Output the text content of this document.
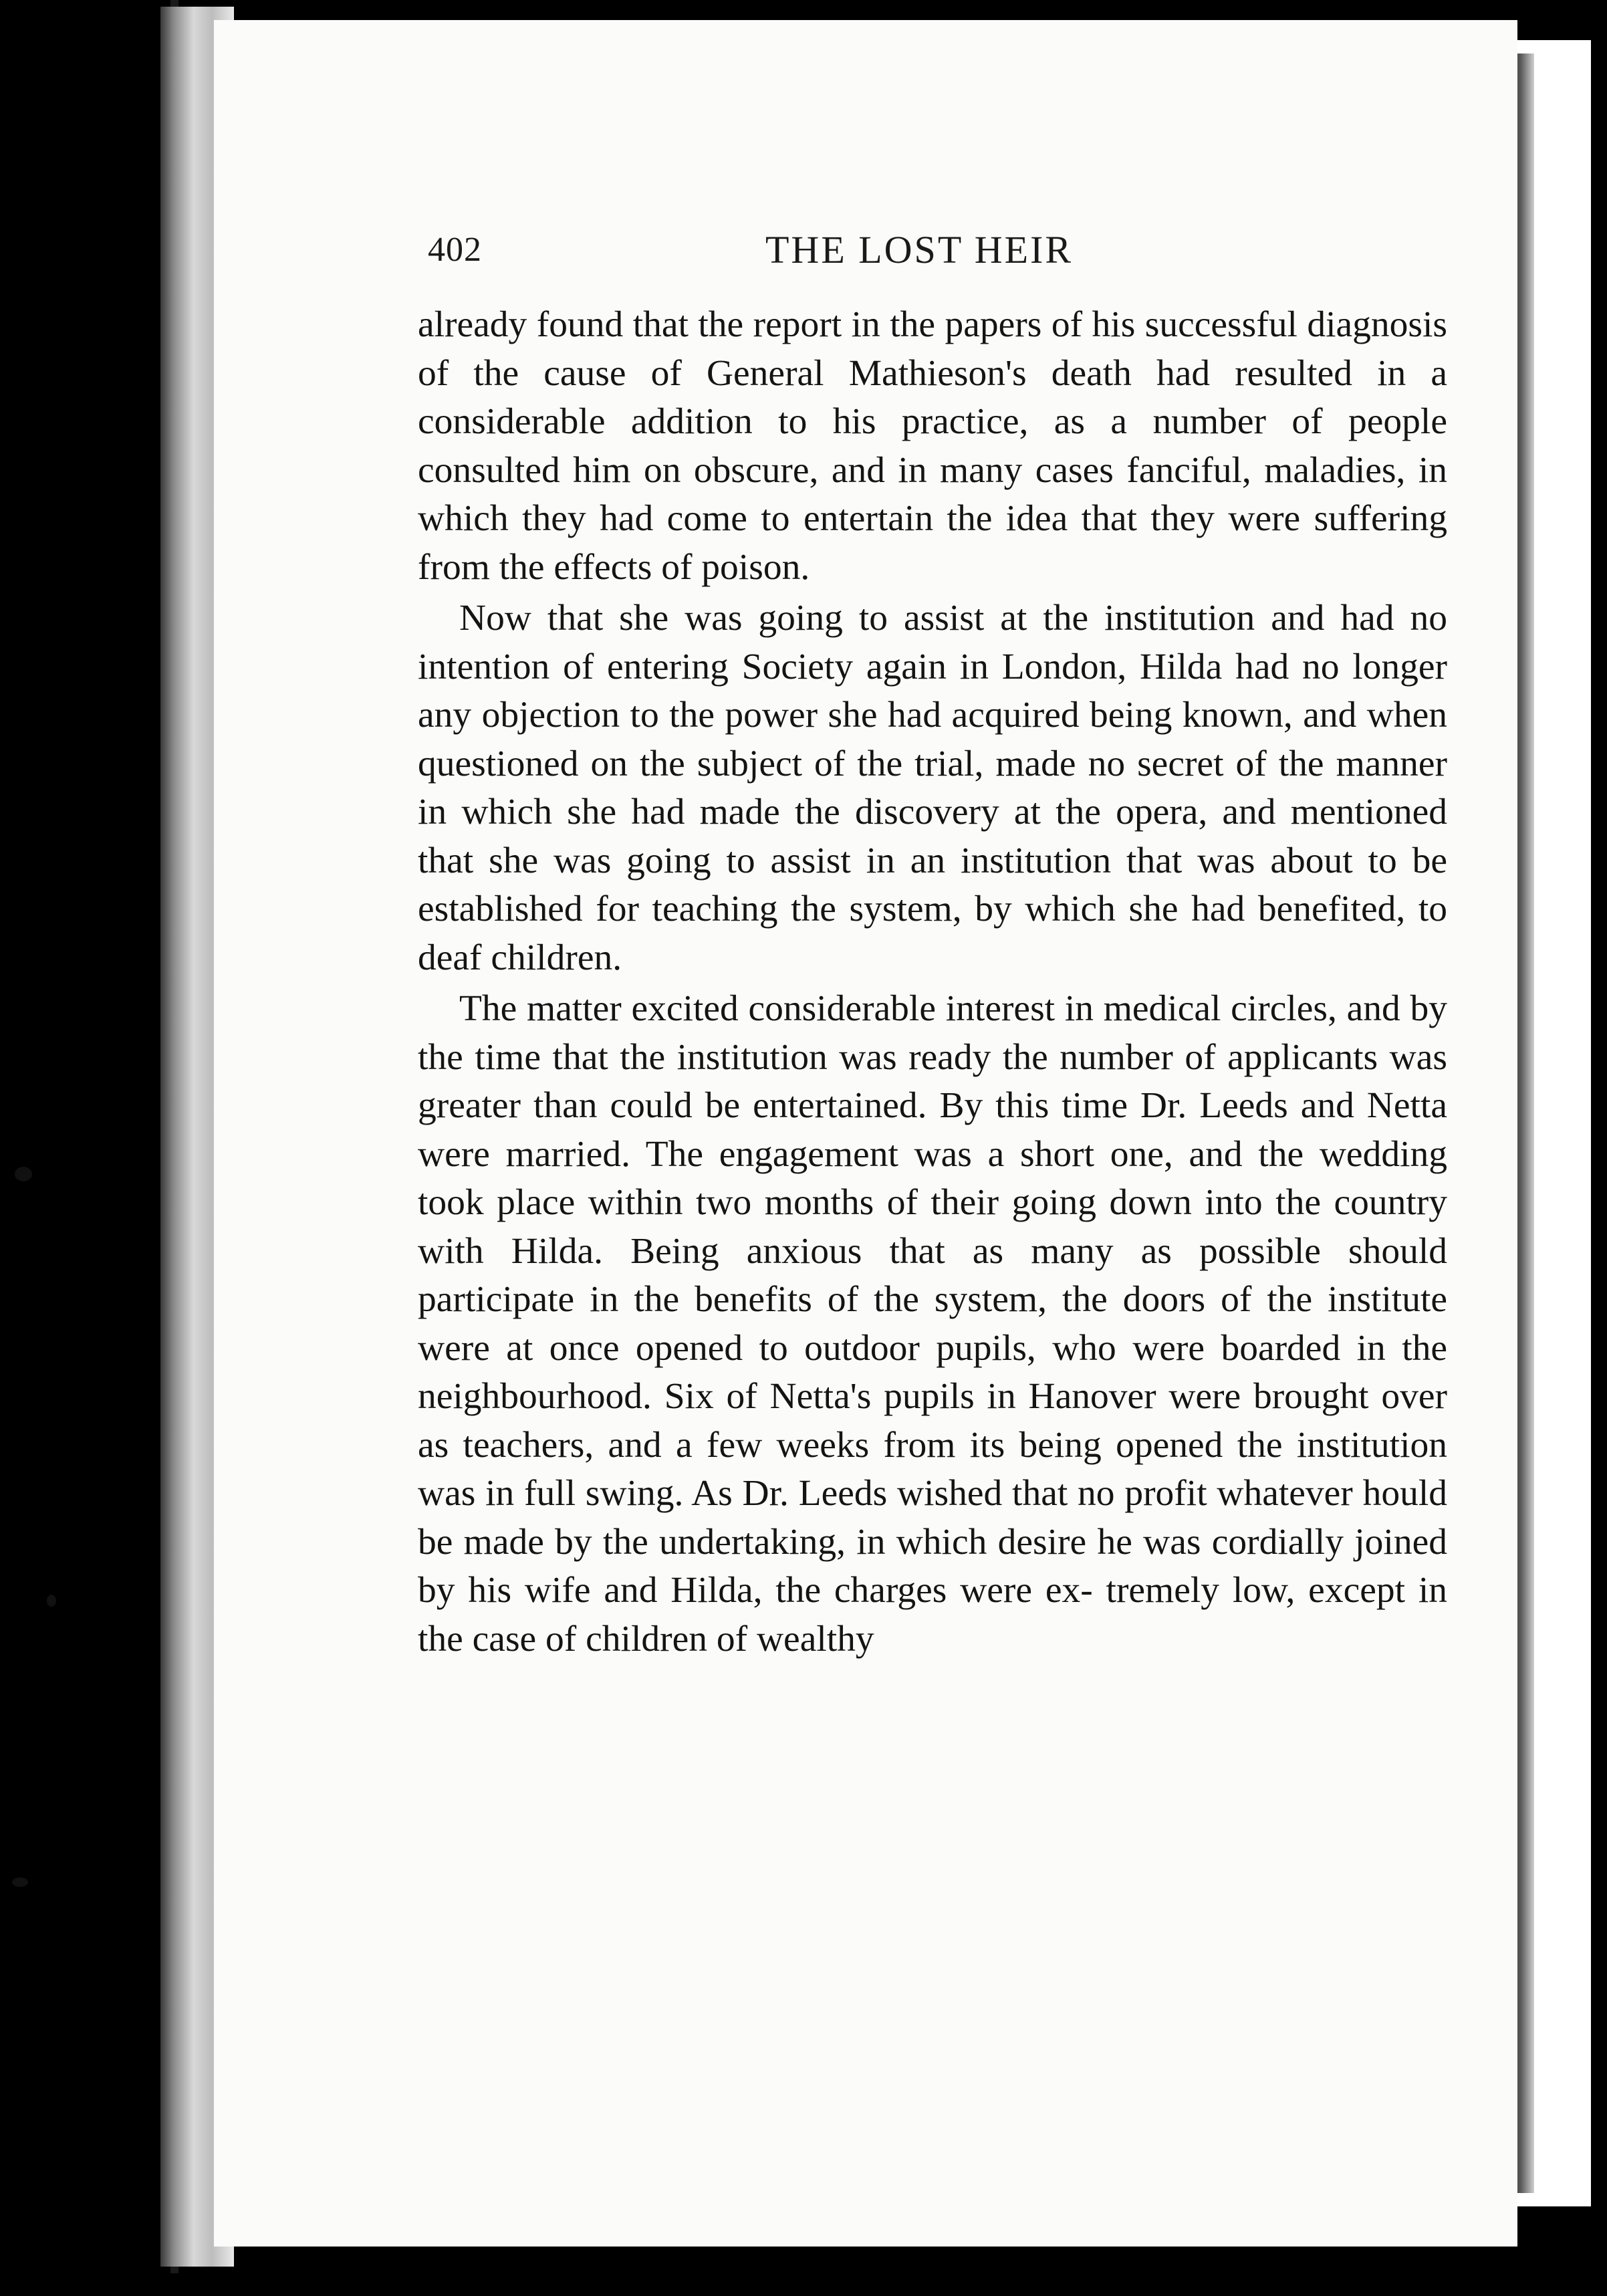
402	THE LOST HEIR

already found that the report in the papers of his successful diagnosis of the cause of General Mathieson's death had resulted in a considerable addition to his practice, as a number of people consulted him on obscure, and in many cases fanciful, maladies, in which they had come to entertain the idea that they were suffering from the effects of poison.

Now that she was going to assist at the institution and had no intention of entering Society again in London, Hilda had no longer any objection to the power she had acquired being known, and when questioned on the subject of the trial, made no secret of the manner in which she had made the discovery at the opera, and mentioned that she was going to assist in an institution that was about to be established for teaching the system, by which she had benefited, to deaf children.

The matter excited considerable interest in medical circles, and by the time that the institution was ready the number of applicants was greater than could be entertained. By this time Dr. Leeds and Netta were married. The engagement was a short one, and the wedding took place within two months of their going down into the country with Hilda. Being anxious that as many as possible should participate in the benefits of the system, the doors of the institute were at once opened to outdoor pupils, who were boarded in the neighbourhood. Six of Netta's pupils in Hanover were brought over as teachers, and a few weeks from its being opened the institution was in full swing. As Dr. Leeds wished that no profit whatever hould be made by the undertaking, in which desire he was cordially joined by his wife and Hilda, the charges were ex- tremely low, except in the case of children of wealthy
